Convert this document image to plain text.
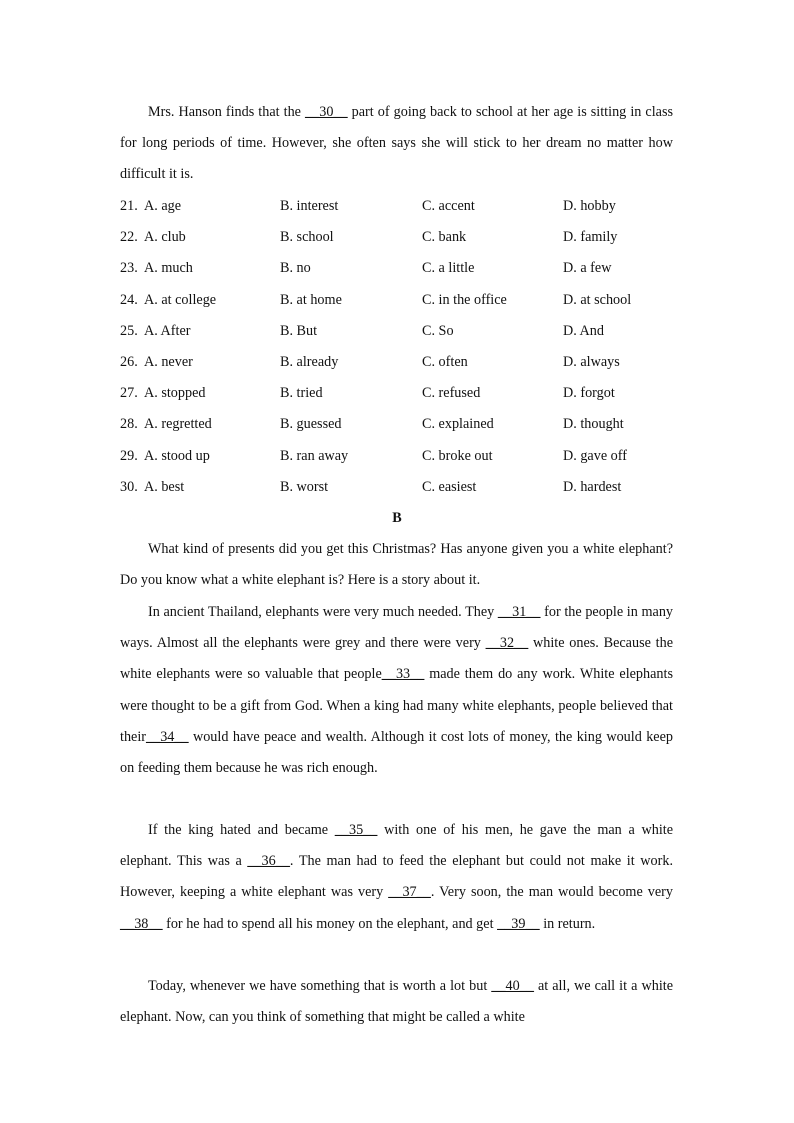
Mrs. Hanson finds that the __30__ part of going back to school at her age is sitting in class for long periods of time. However, she often says she will stick to her dream no matter how difficult it is.

21. A. age	B. interest	C. accent	D. hobby
22. A. club	B. school	C. bank	D. family
23. A. much	B. no	C. a little	D. a few
24. A. at college	B. at home	C. in the office	D. at school
25. A. After	B. But	C. So	D. And
26. A. never	B. already	C. often	D. always
27. A. stopped	B. tried	C. refused	D. forgot
28. A. regretted	B. guessed	C. explained	D. thought
29. A. stood up	B. ran away	C. broke out	D. gave off
30. A. best	B. worst	C. easiest	D. hardest
B

What kind of presents did you get this Christmas? Has anyone given you a white elephant? Do you know what a white elephant is? Here is a story about it.

In ancient Thailand, elephants were very much needed. They __31__ for the people in many ways. Almost all the elephants were grey and there were very __32__ white ones. Because the white elephants were so valuable that people__33__ made them do any work. White elephants were thought to be a gift from God. When a king had many white elephants, people believed that their__34__ would have peace and wealth. Although it cost lots of money, the king would keep on feeding them because he was rich enough.

If the king hated and became __35__ with one of his men, he gave the man a white elephant. This was a __36__. The man had to feed the elephant but could not make it work. However, keeping a white elephant was very __37__. Very soon, the man would become very __38__ for he had to spend all his money on the elephant, and get __39__ in return.

Today, whenever we have something that is worth a lot but __40__ at all, we call it a white elephant. Now, can you think of something that might be called a white
